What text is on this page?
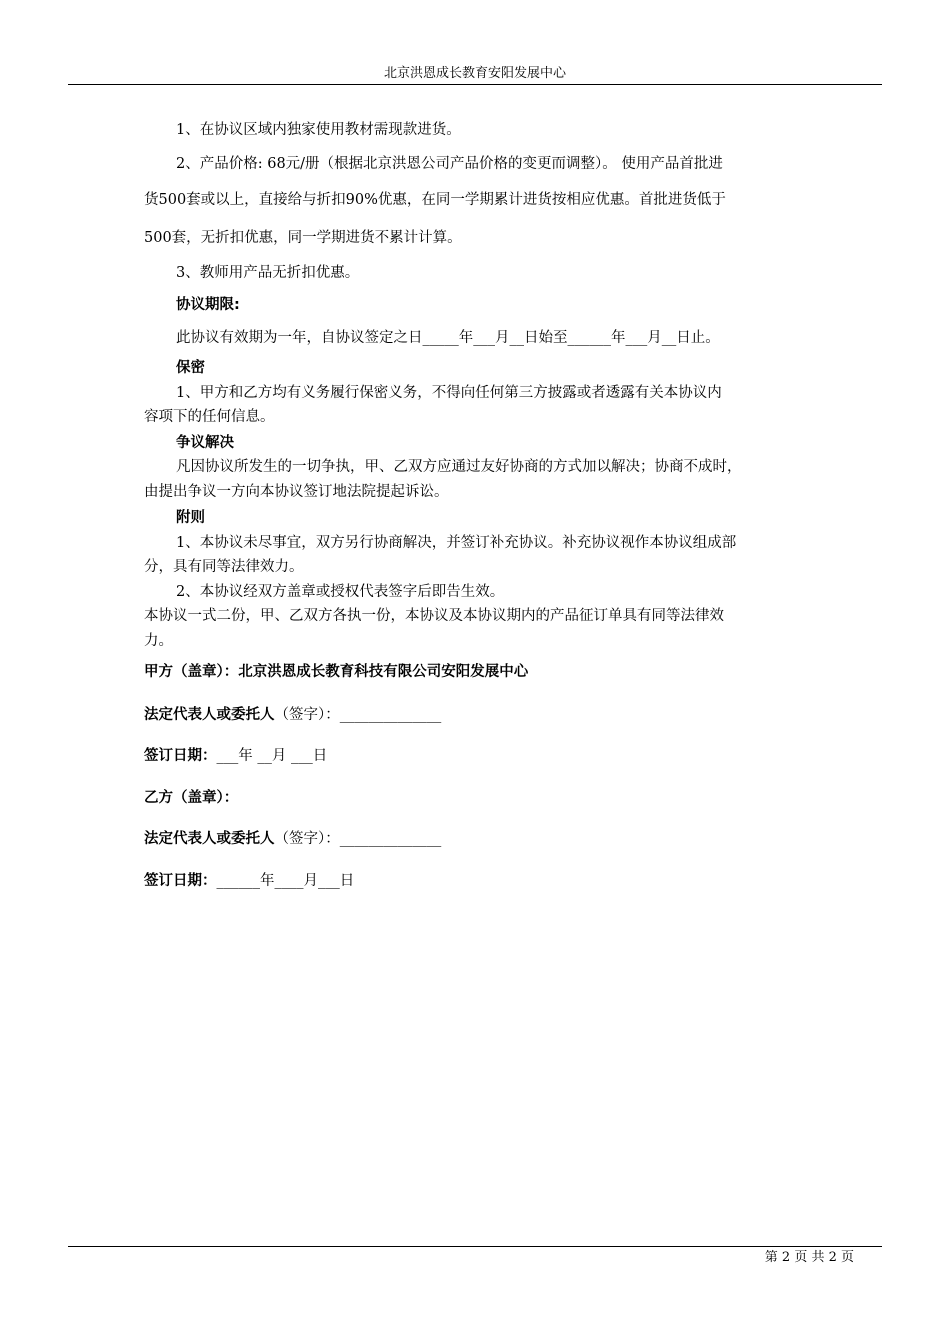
北京洪恩成长教育安阳发展中心
1、在协议区域内独家使用教材需现款进货。
2、产品价格: 68元/册（根据北京洪恩公司产品价格的变更而调整）。 使用产品首批进
货500套或以上，直接给与折扣90%优惠，在同一学期累计进货按相应优惠。首批进货低于
500套，无折扣优惠，同一学期进货不累计计算。
3、教师用产品无折扣优惠。
协议期限:
此协议有效期为一年，自协议签定之日_____年___月__日始至______年___月__日止。
保密
1、甲方和乙方均有义务履行保密义务，不得向任何第三方披露或者透露有关本协议内
容项下的任何信息。
争议解决
凡因协议所发生的一切争执，甲、乙双方应通过友好协商的方式加以解决；协商不成时，
由提出争议一方向本协议签订地法院提起诉讼。
附则
1、本协议未尽事宜，双方另行协商解决，并签订补充协议。补充协议视作本协议组成部
分，具有同等法律效力。
2、本协议经双方盖章或授权代表签字后即告生效。
本协议一式二份，甲、乙双方各执一份，本协议及本协议期内的产品征订单具有同等法律效
力。
甲方（盖章）：北京洪恩成长教育科技有限公司安阳发展中心
法定代表人或委托人（签字）：______________
签订日期：___年 __月 ___日
乙方（盖章）：
法定代表人或委托人（签字）：______________
签订日期：______年____月___日
第 2 页 共 2 页
